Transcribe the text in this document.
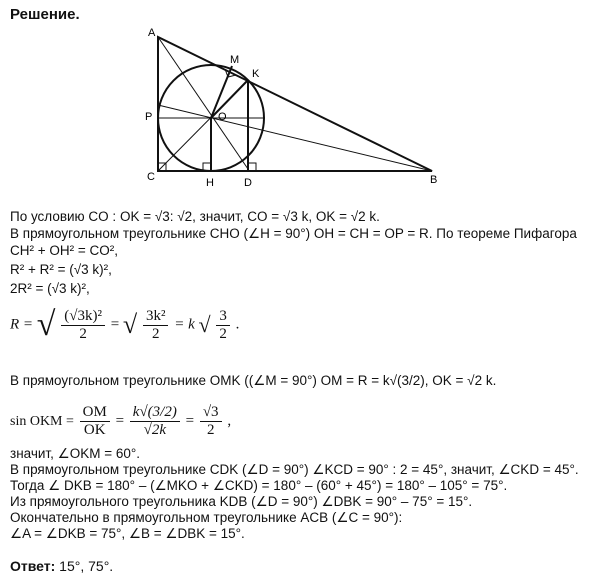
Решение.
A
M
K
P	O
C	H	D	B
По условию CO : OK = √3: √2, значит, CO = √3 k, OK = √2 k.
В прямоугольном треугольнике CHO (∠H = 90°) OH = CH = OP = R. По теореме Пифагора
CH² + OH² = CO²,
R² + R² = (√3 k)²,
2R² = (√3 k)²,
R = √ $\frac{\text{(√3k)²}}{2}$ = √ $\frac{\text{3k²}}{2} = k$ √ $\frac{3}{2}$ .
В прямоугольном треугольнике OMK ((∠M = 90°) OM = R = k√(3/2), OK = √2 k.
sin OKM = $\frac{OM}{OK} = \frac{k√(3/2)}{√2k} = \frac{√3}{2}$ ,
значит, ∠OKM = 60°.
В прямоугольном треугольнике CDK (∠D = 90°) ∠KCD = 90° : 2 = 45°, значит, ∠CKD = 45°.
Тогда ∠ DKB = 180° – (∠MKO + ∠CKD) = 180° – (60° + 45°) = 180° – 105° = 75°.
Из прямоугольного треугольника KDB (∠D = 90°) ∠DBK = 90° – 75° = 15°.
Окончательно в прямоугольном треугольнике ACB (∠C = 90°):
∠A = ∠DKB = 75°, ∠B = ∠DBK = 15°.
Ответ: 15°, 75°.
